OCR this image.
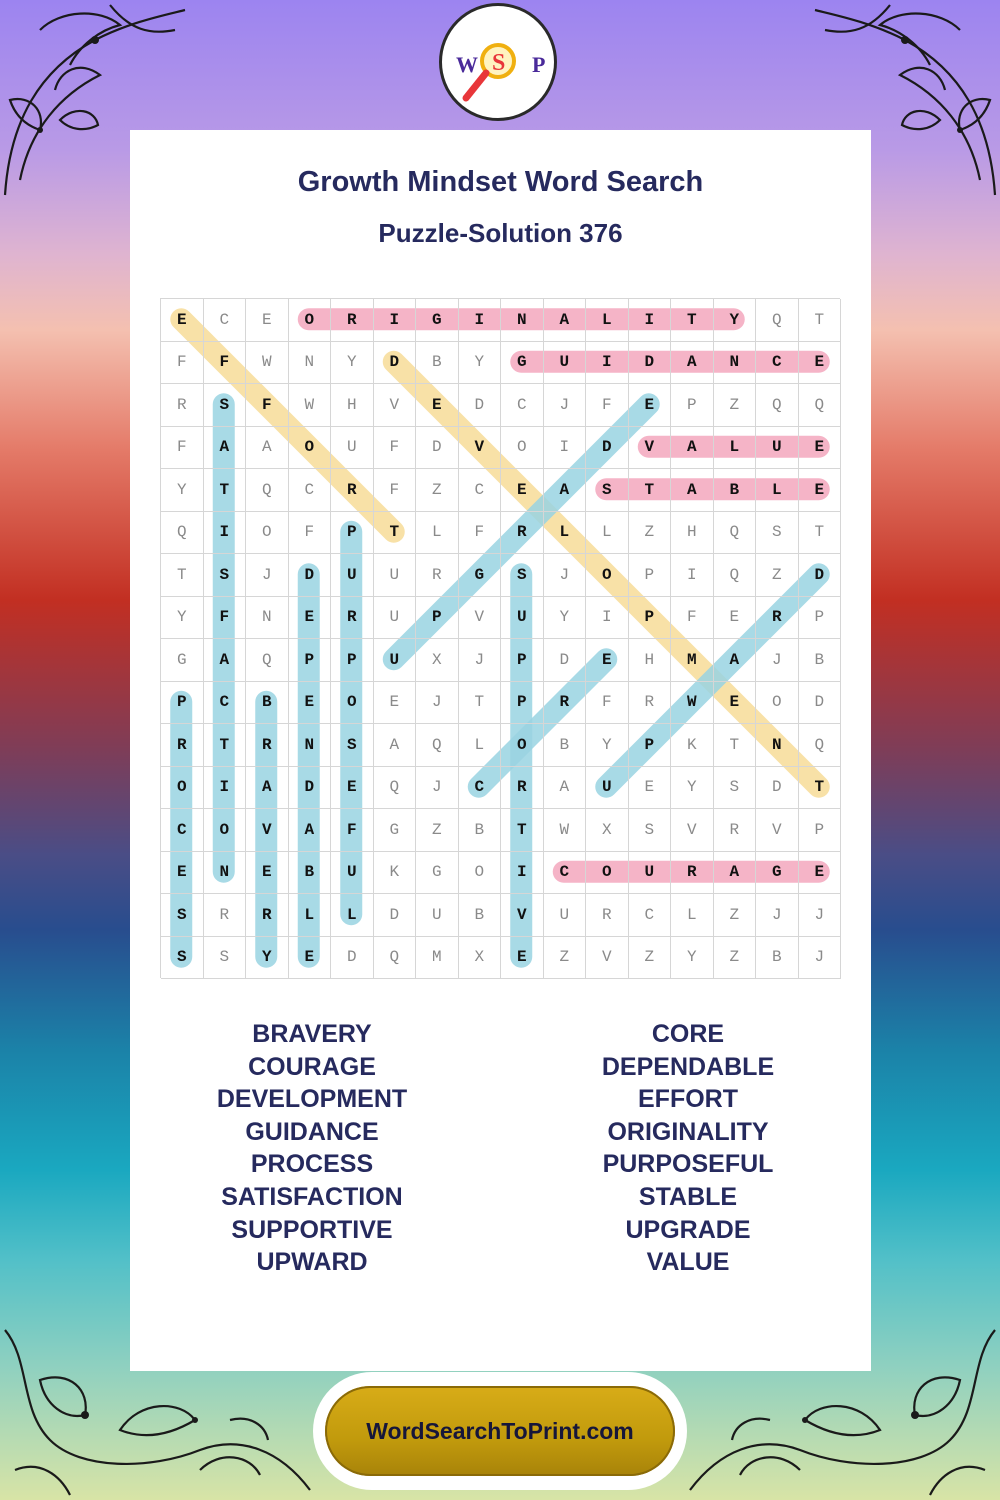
W S P
Growth Mindset Word Search
Puzzle-Solution 376
E	C	E	O	R	I	G	I	N	A	L	I	T	Y	Q	T
F	F	W	N	Y	D	B	Y	G	U	I	D	A	N	C	E
R	S	F	W	H	V	E	D	C	J	F	E	P	Z	Q	Q
F	A	A	O	U	F	D	V	O	I	D	V	A	L	U	E
Y	T	Q	C	R	F	Z	C	E	A	S	T	A	B	L	E
Q	I	O	F	P	T	L	F	R	L	L	Z	H	Q	S	T
T	S	J	D	U	U	R	G	S	J	O	P	I	Q	Z	D
Y	F	N	E	R	U	P	V	U	Y	I	P	F	E	R	P
G	A	Q	P	P	U	X	J	P	D	E	H	M	A	J	B
P	C	B	E	O	E	J	T	P	R	F	R	W	E	O	D
R	T	R	N	S	A	Q	L	O	B	Y	P	K	T	N	Q
O	I	A	D	E	Q	J	C	R	A	U	E	Y	S	D	T
C	O	V	A	F	G	Z	B	T	W	X	S	V	R	V	P
E	N	E	B	U	K	G	O	I	C	O	U	R	A	G	E
S	R	R	L	L	D	U	B	V	U	R	C	L	Z	J	J
S	S	Y	E	D	Q	M	X	E	Z	V	Z	Y	Z	B	J
BRAVERY
COURAGE
DEVELOPMENT
GUIDANCE
PROCESS
SATISFACTION
SUPPORTIVE
UPWARD
CORE
DEPENDABLE
EFFORT
ORIGINALITY
PURPOSEFUL
STABLE
UPGRADE
VALUE
WordSearchToPrint.com
